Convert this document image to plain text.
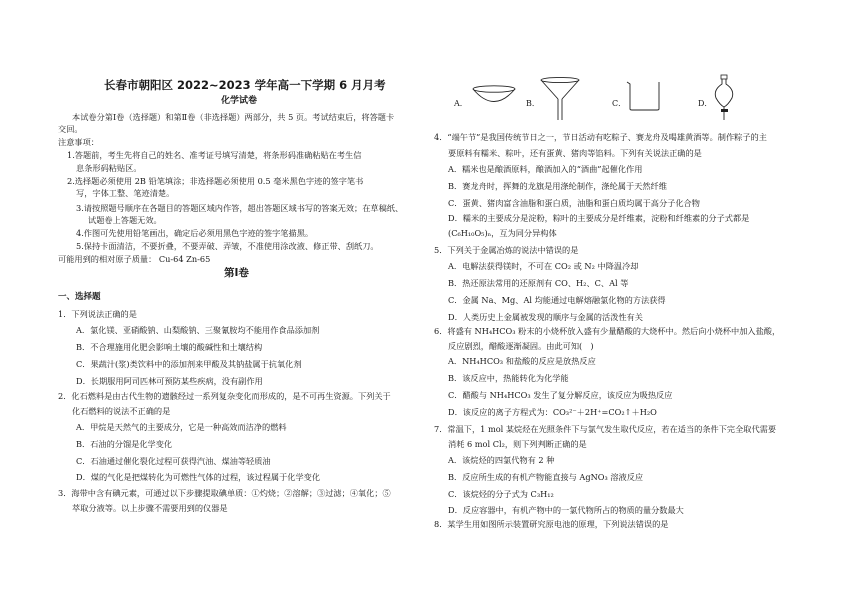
长春市朝阳区 2022~2023 学年高一下学期 6 月月考
化学试卷
本试卷分第Ⅰ卷（选择题）和第Ⅱ卷（非选择题）两部分，共 5 页。考试结束后，将答题卡
交回。
注意事项：
1.答题前，考生先将自己的姓名、准考证号填写清楚，将条形码准确粘贴在考生信
息条形码粘贴区。
2.选择题必须使用 2B 铅笔填涂；非选择题必须使用 0.5 毫米黑色字迹的签字笔书
写，字体工整、笔迹清楚。
3.请按照题号顺序在各题目的答题区域内作答，超出答题区域书写的答案无效；在草稿纸、
试题卷上答题无效。
4.作图可先使用铅笔画出，确定后必须用黑色字迹的签字笔描黑。
5.保持卡面清洁，不要折叠，不要弄破、弄皱，不准使用涂改液、修正带、刮纸刀。
可能用到的相对原子质量： Cu-64 Zn-65
第Ⅰ卷
一、选择题
1．下列说法正确的是
A．氯化镁、亚硝酸钠、山梨酸钠、三聚氰胺均不能用作食品添加剂
B．不合理施用化肥会影响土壤的酸碱性和土壤结构
C．果蔬汁(浆)类饮料中的添加剂来甲酸及其钠盐属于抗氧化剂
D．长期服用阿司匹林可预防某些疾病，没有副作用
2．化石燃料是由古代生物的遗骸经过一系列复杂变化而形成的，是不可再生资源。下列关于
化石燃料的说法不正确的是
A．甲烷是天然气的主要成分，它是一种高效而洁净的燃料
B．石油的分馏是化学变化
C．石油通过催化裂化过程可获得汽油、煤油等轻质油
D．煤的气化是把煤转化为可燃性气体的过程，该过程属于化学变化
3．海带中含有碘元素，可通过以下步骤提取碘单质：①灼烧；②溶解；③过滤；④氧化；⑤
萃取分液等。以上步骤不需要用到的仪器是
A．	B．	C．	D．
4．“端午节”是我国传统节日之一，节日活动有吃粽子、赛龙舟及喝雄黄酒等。制作粽子的主
要原料有糯米、粽叶，还有蛋黄、猪肉等馅料。下列有关说法正确的是
A．糯米也是酿酒原料，酿酒加入的“酒曲”起催化作用
B．赛龙舟时，挥舞的龙旗是用涤纶制作，涤纶属于天然纤维
C．蛋黄、猪肉富含油脂和蛋白质，油脂和蛋白质均属于高分子化合物
D．糯米的主要成分是淀粉，粽叶的主要成分是纤维素，淀粉和纤维素的分子式都是
(C₆H₁₀O₅)ₙ，互为同分异构体
5．下列关于金属冶炼的说法中错误的是
A．电解法获得镁时，不可在 CO₂ 或 N₂ 中降温冷却
B．热还原法常用的还原剂有 CO、H₂、C、Al 等
C．金属 Na、Mg、Al 均能通过电解熔融氯化物的方法获得
D．人类历史上金属被发现的顺序与金属的活泼性有关
6．将盛有 NH₄HCO₃ 粉末的小烧杯放入盛有少量醋酸的大烧杯中。然后向小烧杯中加入盐酸，
反应剧烈，醋酸逐渐凝固。由此可知(　)
A．NH₄HCO₃ 和盐酸的反应是放热反应
B．该反应中，热能转化为化学能
C．醋酸与 NH₄HCO₃ 发生了复分解反应，该反应为吸热反应
D．该反应的离子方程式为：CO₃²⁻＋2H⁺=CO₂↑＋H₂O
7．常温下，1 mol 某烷烃在光照条件下与氯气发生取代反应，若在适当的条件下完全取代需要
消耗 6 mol Cl₂，则下列判断正确的是
A．该烷烃的四氯代物有 2 种
B．反应所生成的有机产物能直接与 AgNO₃ 溶液反应
C．该烷烃的分子式为 C₃H₁₂
D．反应容器中，有机产物中的一氯代物所占的物质的量分数最大
8．某学生用如图所示装置研究原电池的原理，下列说法错误的是
